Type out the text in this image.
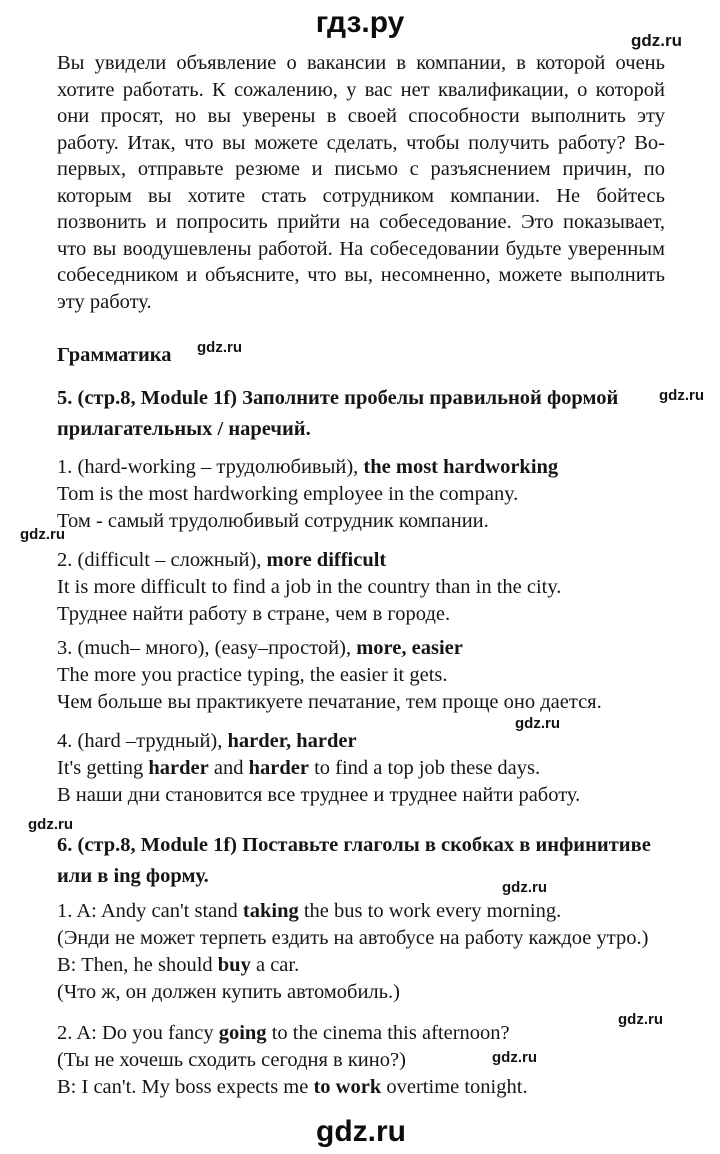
гдз.ру
gdz.ru
gdz.ru
gdz.ru
gdz.ru
gdz.ru
gdz.ru
gdz.ru
gdz.ru
gdz.ru

Вы увидели объявление о вакансии в компании, в которой очень хотите работать. К сожалению, у вас нет квалификации, о которой они просят, но вы уверены в своей способности выполнить эту работу. Итак, что вы можете сделать, чтобы получить работу? Во-первых, отправьте резюме и письмо с разъяснением причин, по которым вы хотите стать сотрудником компании. Не бойтесь позвонить и попросить прийти на собеседование. Это показывает, что вы воодушевлены работой. На собеседовании будьте уверенным собеседником и объясните, что вы, несомненно, можете выполнить эту работу.

Грамматика
5. (стр.8, Module 1f) Заполните пробелы правильной формой прилагательных / наречий.
1. (hard-working – трудолюбивый), the most hardworking
Tom is the most hardworking employee in the company.
Том - самый трудолюбивый сотрудник компании.
2. (difficult – сложный), more difficult
It is more difficult to find a job in the country than in the city.
Труднее найти работу в стране, чем в городе.
3. (much– много), (easy–простой), more, easier
The more you practice typing, the easier it gets.
Чем больше вы практикуете печатание, тем проще оно дается.
4. (hard –трудный), harder, harder
It's getting harder and harder to find a top job these days.
В наши дни становится все труднее и труднее найти работу.
6. (стр.8, Module 1f) Поставьте глаголы в скобках в инфинитиве или в ing форму.
1. A: Andy can't stand taking the bus to work every morning.
(Энди не может терпеть ездить на автобусе на работу каждое утро.)
B: Then, he should buy a car.
(Что ж, он должен купить автомобиль.)
2. A: Do you fancy going to the cinema this afternoon?
(Ты не хочешь сходить сегодня в кино?)
B: I can't. My boss expects me to work overtime tonight.
gdz.ru
